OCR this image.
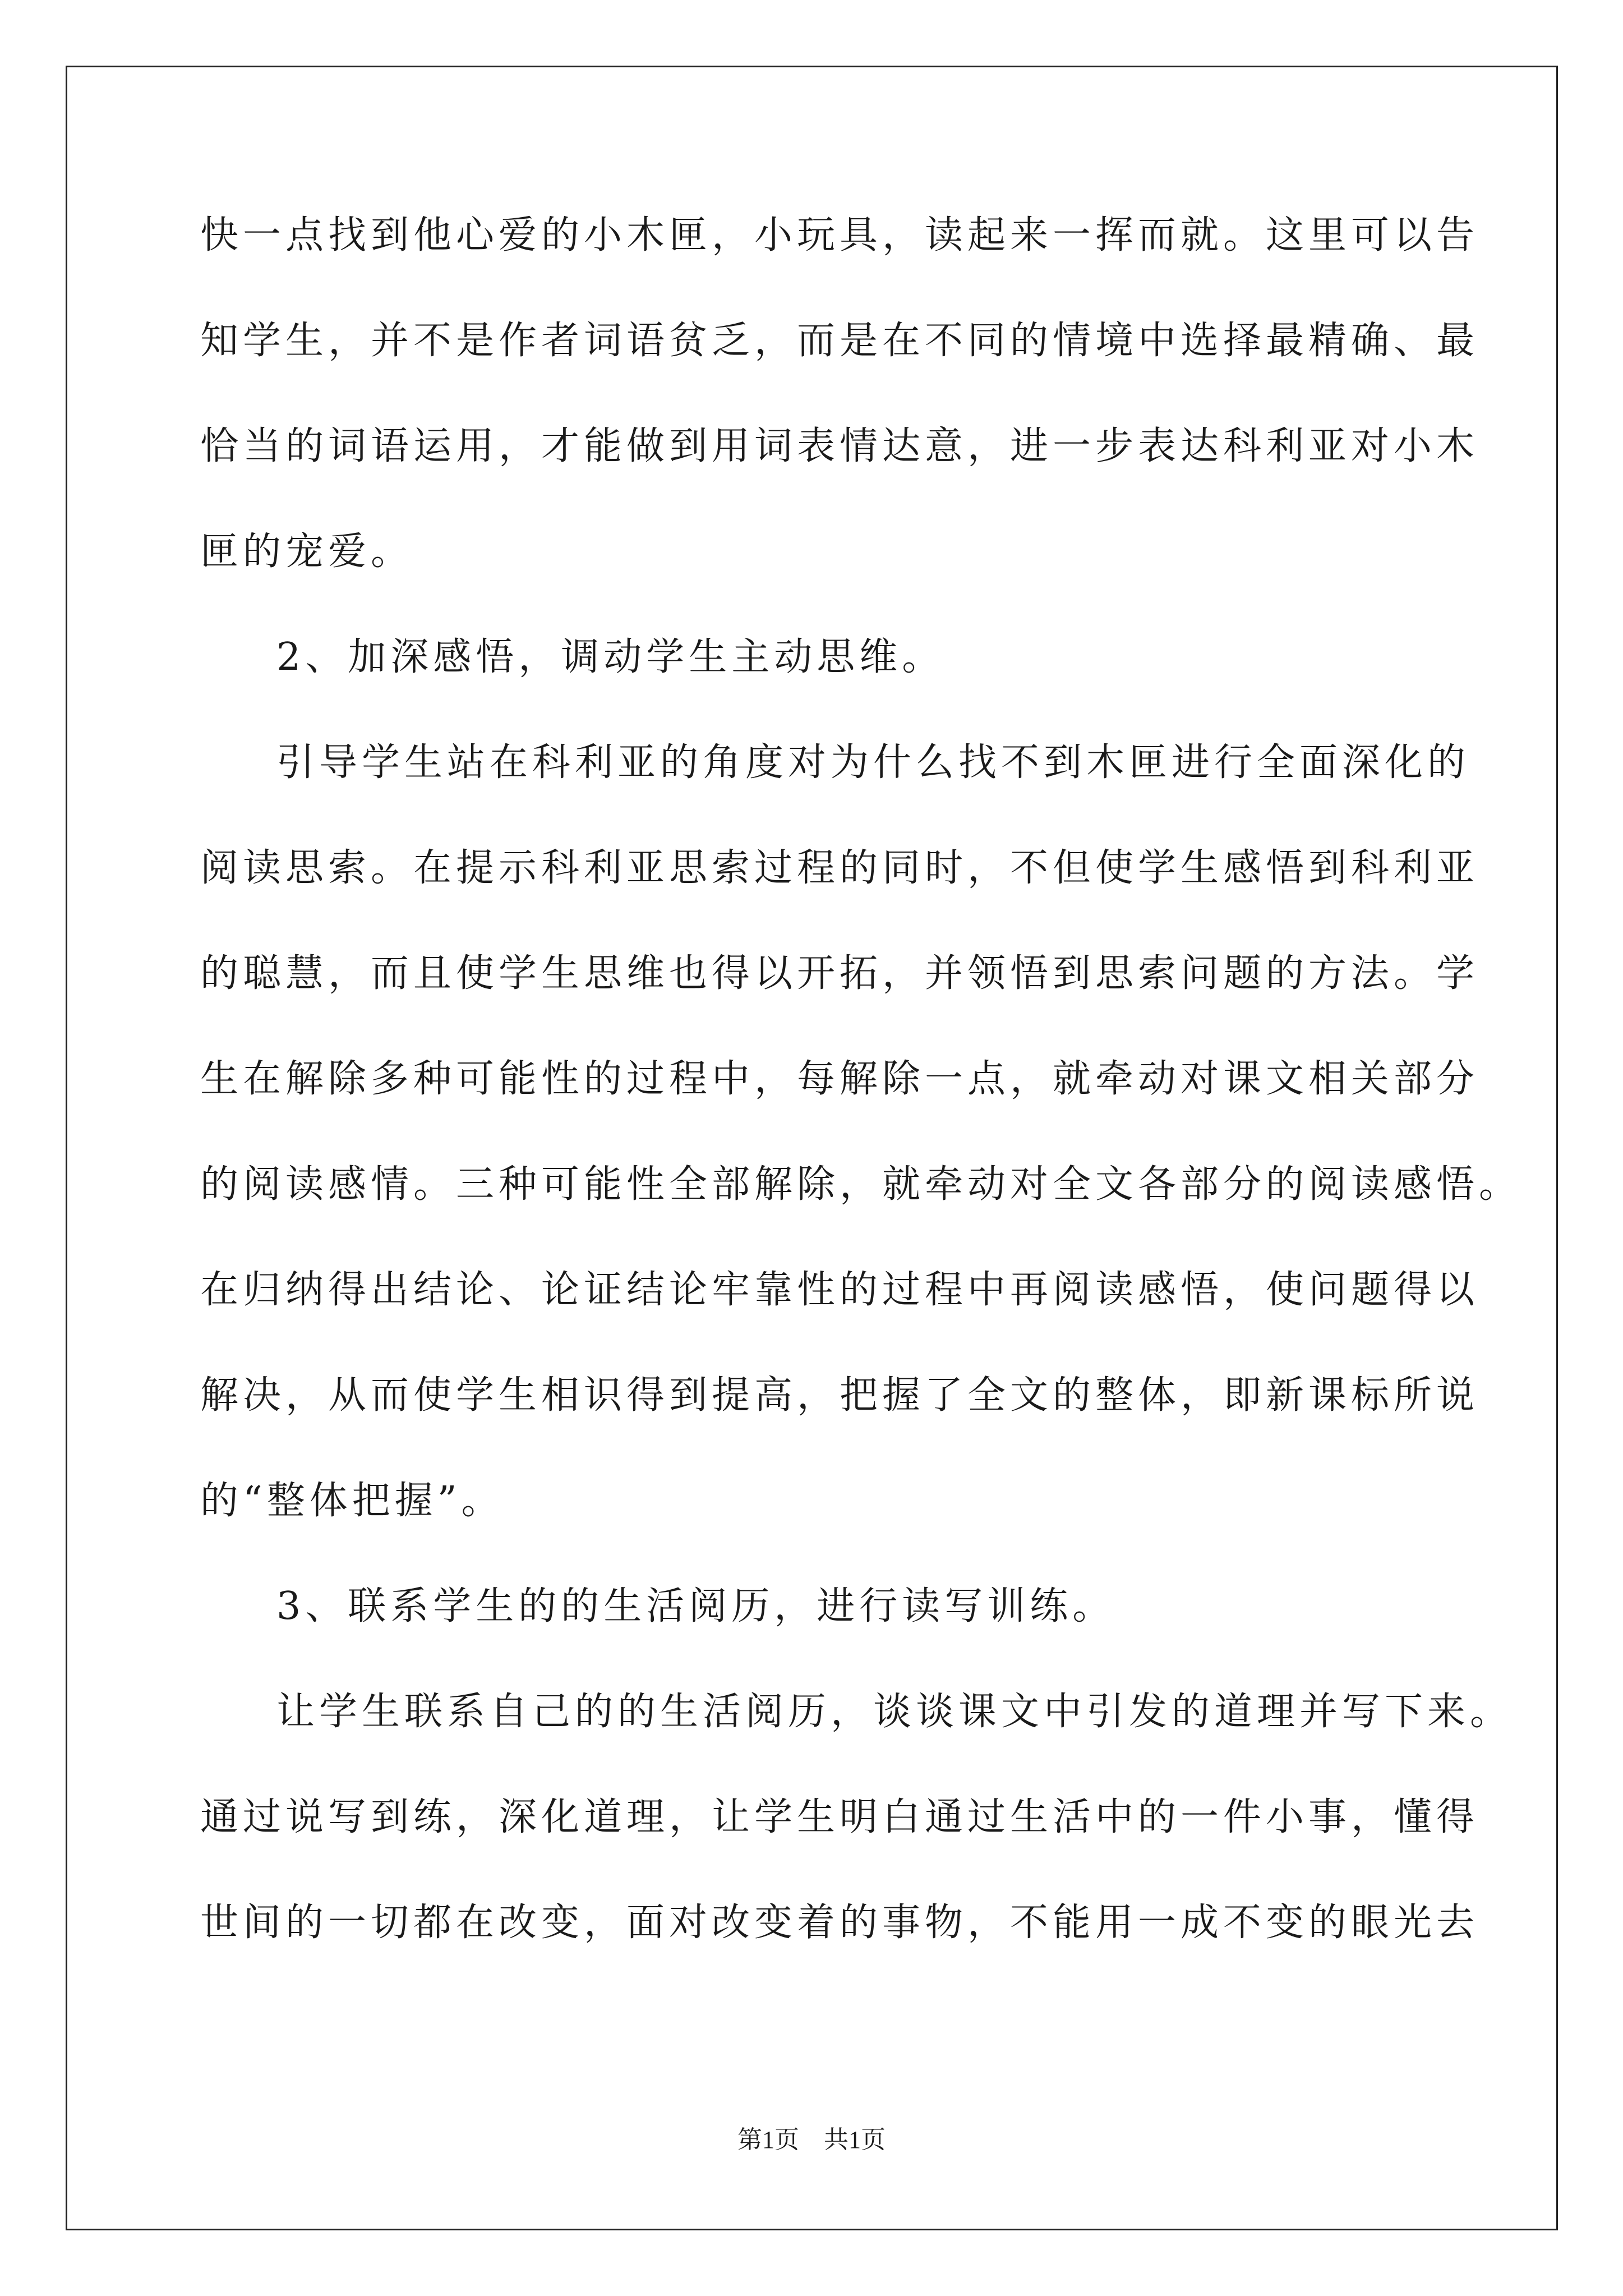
快一点找到他心爱的小木匣，小玩具，读起来一挥而就。这里可以告
知学生，并不是作者词语贫乏，而是在不同的情境中选择最精确、最
恰当的词语运用，才能做到用词表情达意，进一步表达科利亚对小木
匣的宠爱。
2、加深感悟，调动学生主动思维。
引导学生站在科利亚的角度对为什么找不到木匣进行全面深化的
阅读思索。在提示科利亚思索过程的同时，不但使学生感悟到科利亚
的聪慧，而且使学生思维也得以开拓，并领悟到思索问题的方法。学
生在解除多种可能性的过程中，每解除一点，就牵动对课文相关部分
的阅读感情。三种可能性全部解除，就牵动对全文各部分的阅读感悟。
在归纳得出结论、论证结论牢靠性的过程中再阅读感悟，使问题得以
解决，从而使学生相识得到提高，把握了全文的整体，即新课标所说
的“整体把握”。
3、联系学生的的生活阅历，进行读写训练。
让学生联系自己的的生活阅历，谈谈课文中引发的道理并写下来。
通过说写到练，深化道理，让学生明白通过生活中的一件小事，懂得
世间的一切都在改变，面对改变着的事物，不能用一成不变的眼光去
第1页　共1页
